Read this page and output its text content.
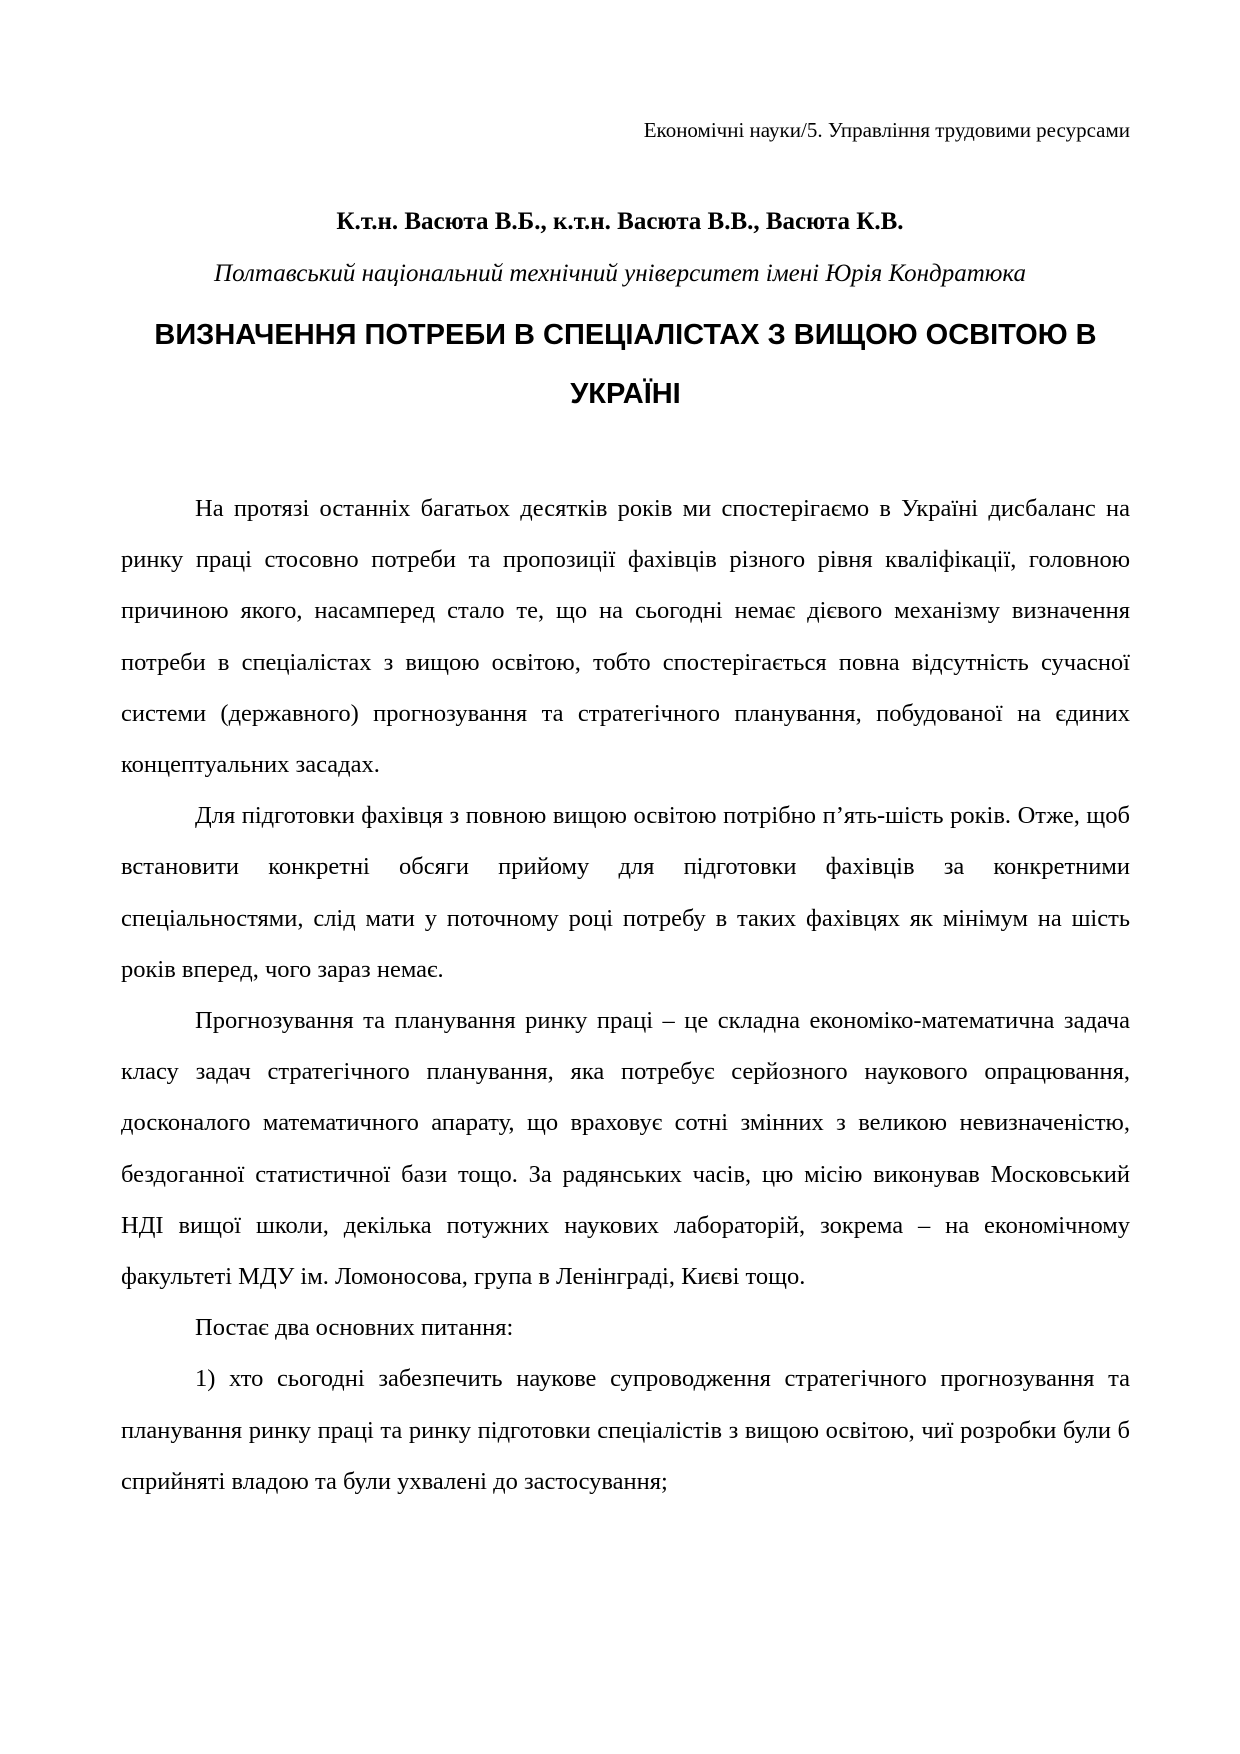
Економічні науки/5. Управління трудовими ресурсами
К.т.н. Васюта В.Б., к.т.н. Васюта В.В., Васюта К.В.
Полтавський національний технічний університет імені Юрія Кондратюка
ВИЗНАЧЕННЯ ПОТРЕБИ В СПЕЦІАЛІСТАХ З ВИЩОЮ ОСВІТОЮ В УКРАЇНІ

На протязі останніх багатьох десятків років ми спостерігаємо в Україні дисбаланс на ринку праці стосовно потреби та пропозиції фахівців різного рівня кваліфікації, головною причиною якого, насамперед стало те, що на сьогодні немає дієвого механізму визначення потреби в спеціалістах з вищою освітою, тобто спостерігається повна відсутність сучасної системи (державного) прогнозування та стратегічного планування, побудованої на єдиних концептуальних засадах.

Для підготовки фахівця з повною вищою освітою потрібно п’ять-шість років. Отже, щоб встановити конкретні обсяги прийому для підготовки фахівців за конкретними спеціальностями, слід мати у поточному році потребу в таких фахівцях як мінімум на шість років вперед, чого зараз немає.

Прогнозування та планування ринку праці – це складна економіко-математична задача класу задач стратегічного планування, яка потребує серйозного наукового опрацювання, досконалого математичного апарату, що враховує сотні змінних з великою невизначеністю, бездоганної статистичної бази тощо. За радянських часів, цю місію виконував Московський НДІ вищої школи, декілька потужних наукових лабораторій, зокрема – на економічному факультеті МДУ ім. Ломоносова, група в Ленінграді, Києві тощо.

Постає два основних питання:

1) хто сьогодні забезпечить наукове супроводження стратегічного прогнозування та планування ринку праці та ринку підготовки спеціалістів з вищою освітою, чиї розробки були б сприйняті владою та були ухвалені до застосування;
